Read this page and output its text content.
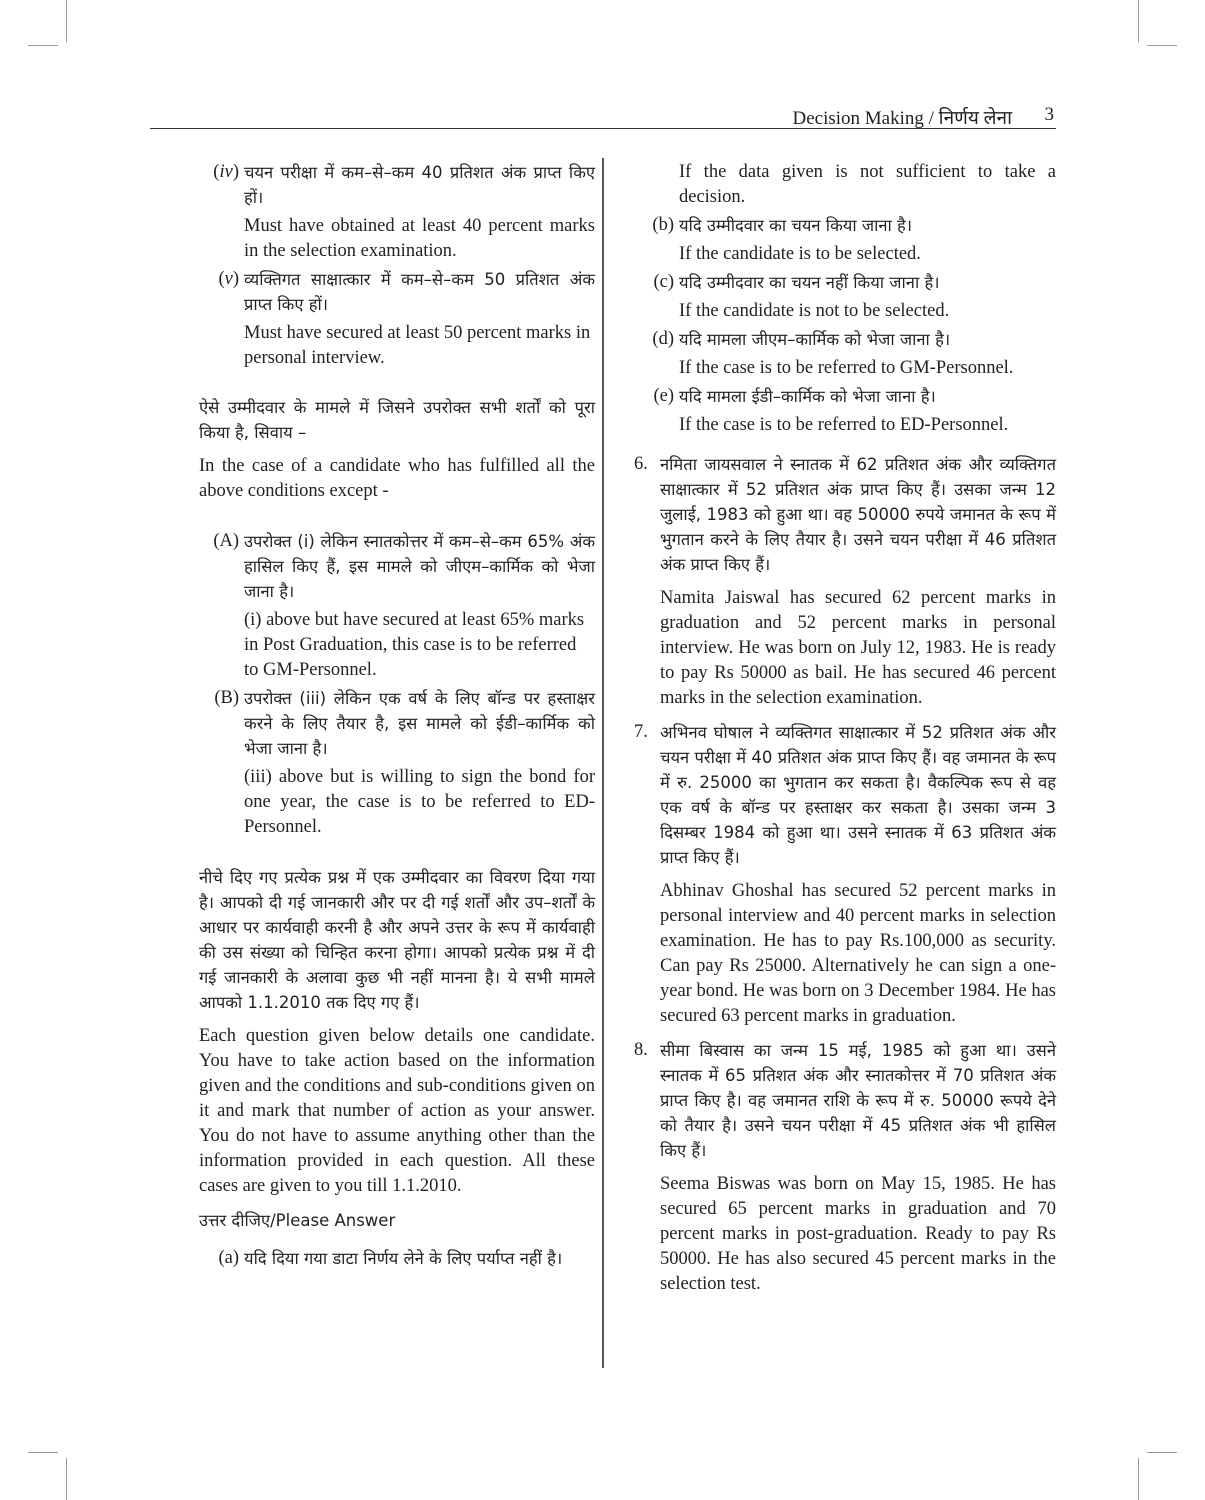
Decision Making / निर्णय लेना 3
(iv) चयन परीक्षा में कम–से–कम 40 प्रतिशत अंक प्राप्त किए हों।

Must have obtained at least 40 percent marks in the selection examination.

(v) व्यक्तिगत साक्षात्कार में कम–से–कम 50 प्रतिशत अंक प्राप्त किए हों।

Must have secured at least 50 percent marks in personal interview.

ऐसे उम्मीदवार के मामले में जिसने उपरोक्त सभी शर्तों को पूरा किया है, सिवाय –

In the case of a candidate who has fulfilled all the above conditions except -

(A) उपरोक्त (i) लेकिन स्नातकोत्तर में कम–से–कम 65% अंक हासिल किए हैं, इस मामले को जीएम–कार्मिक को भेजा जाना है।

(i) above but have secured at least 65% marks in Post Graduation, this case is to be referred to GM-Personnel.

(B) उपरोक्त (iii) लेकिन एक वर्ष के लिए बॉन्ड पर हस्ताक्षर करने के लिए तैयार है, इस मामले को ईडी–कार्मिक को भेजा जाना है।

(iii) above but is willing to sign the bond for one year, the case is to be referred to ED-Personnel.

नीचे दिए गए प्रत्येक प्रश्न में एक उम्मीदवार का विवरण दिया गया है। आपको दी गई जानकारी और पर दी गई शर्तों और उप–शर्तों के आधार पर कार्यवाही करनी है और अपने उत्तर के रूप में कार्यवाही की उस संख्या को चिन्हित करना होगा। आपको प्रत्येक प्रश्न में दी गई जानकारी के अलावा कुछ भी नहीं मानना है। ये सभी मामले आपको 1.1.2010 तक दिए गए हैं।

Each question given below details one candidate. You have to take action based on the information given and the conditions and sub-conditions given on it and mark that number of action as your answer. You do not have to assume anything other than the information provided in each question. All these cases are given to you till 1.1.2010.

उत्तर दीजिए/Please Answer

(a) यदि दिया गया डाटा निर्णय लेने के लिए पर्याप्त नहीं है।

If the data given is not sufficient to take a decision.

(b) यदि उम्मीदवार का चयन किया जाना है।

If the candidate is to be selected.

(c) यदि उम्मीदवार का चयन नहीं किया जाना है।

If the candidate is not to be selected.

(d) यदि मामला जीएम–कार्मिक को भेजा जाना है।

If the case is to be referred to GM-Personnel.

(e) यदि मामला ईडी–कार्मिक को भेजा जाना है।

If the case is to be referred to ED-Personnel.

6. नमिता जायसवाल ने स्नातक में 62 प्रतिशत अंक और व्यक्तिगत साक्षात्कार में 52 प्रतिशत अंक प्राप्त किए हैं। उसका जन्म 12 जुलाई, 1983 को हुआ था। वह 50000 रुपये जमानत के रूप में भुगतान करने के लिए तैयार है। उसने चयन परीक्षा में 46 प्रतिशत अंक प्राप्त किए हैं।

Namita Jaiswal has secured 62 percent marks in graduation and 52 percent marks in personal interview. He was born on July 12, 1983. He is ready to pay Rs 50000 as bail. He has secured 46 percent marks in the selection examination.

7. अभिनव घोषाल ने व्यक्तिगत साक्षात्कार में 52 प्रतिशत अंक और चयन परीक्षा में 40 प्रतिशत अंक प्राप्त किए हैं। वह जमानत के रूप में रु. 25000 का भुगतान कर सकता है। वैकल्पिक रूप से वह एक वर्ष के बॉन्ड पर हस्ताक्षर कर सकता है। उसका जन्म 3 दिसम्बर 1984 को हुआ था। उसने स्नातक में 63 प्रतिशत अंक प्राप्त किए हैं।

Abhinav Ghoshal has secured 52 percent marks in personal interview and 40 percent marks in selection examination. He has to pay Rs.100,000 as security. Can pay Rs 25000. Alternatively he can sign a one-year bond. He was born on 3 December 1984. He has secured 63 percent marks in graduation.

8. सीमा बिस्वास का जन्म 15 मई, 1985 को हुआ था। उसने स्नातक में 65 प्रतिशत अंक और स्नातकोत्तर में 70 प्रतिशत अंक प्राप्त किए है। वह जमानत राशि के रूप में रु. 50000 रूपये देने को तैयार है। उसने चयन परीक्षा में 45 प्रतिशत अंक भी हासिल किए हैं।

Seema Biswas was born on May 15, 1985. He has secured 65 percent marks in graduation and 70 percent marks in post-graduation. Ready to pay Rs 50000. He has also secured 45 percent marks in the selection test.
